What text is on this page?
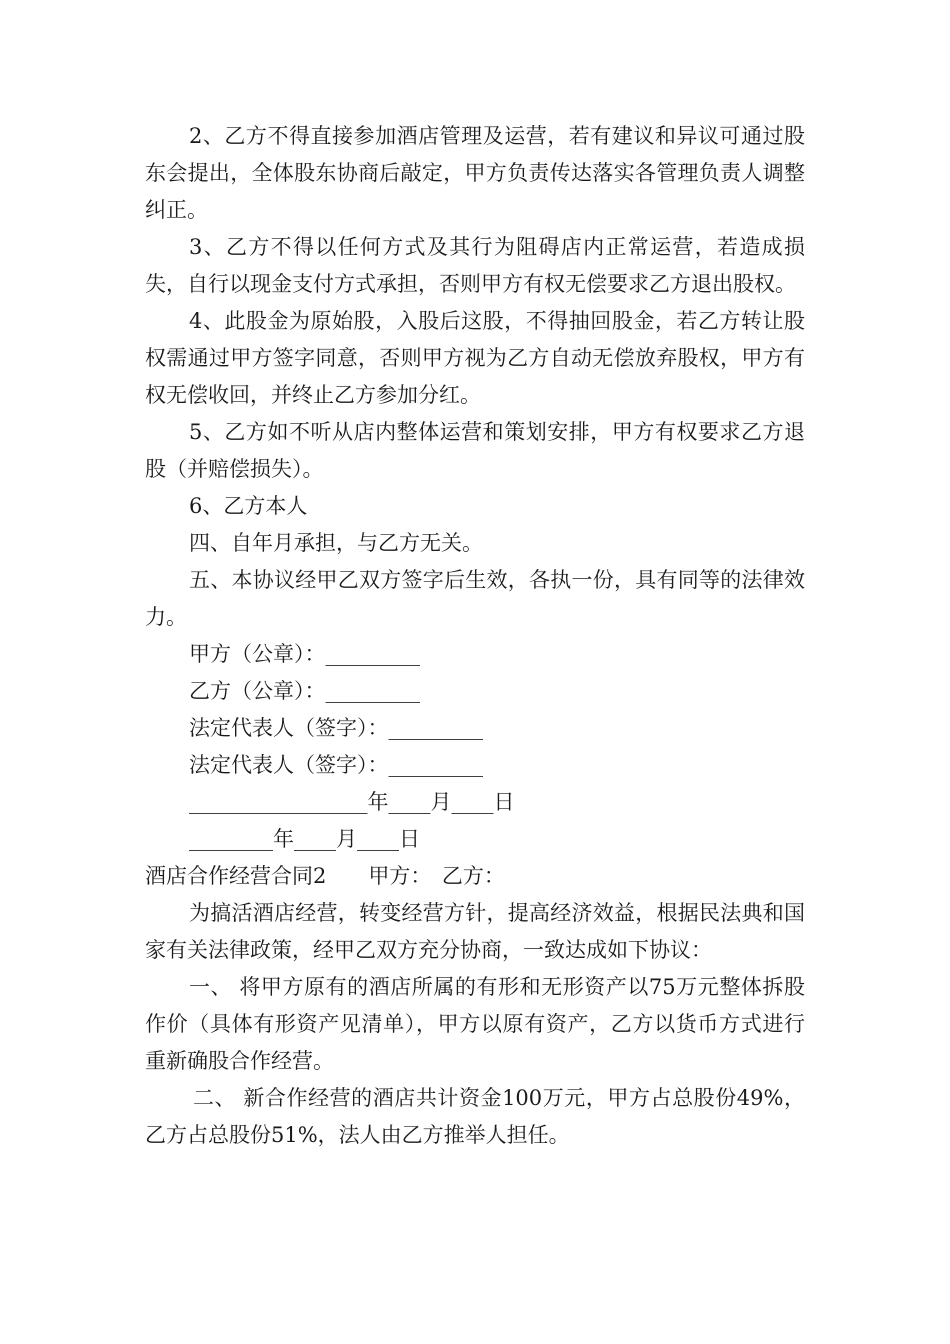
2、乙方不得直接参加酒店管理及运营，若有建议和异议可通过股东会提出，全体股东协商后敲定，甲方负责传达落实各管理负责人调整纠正。

3、乙方不得以任何方式及其行为阻碍店内正常运营，若造成损失，自行以现金支付方式承担，否则甲方有权无偿要求乙方退出股权。

4、此股金为原始股，入股后这股，不得抽回股金，若乙方转让股权需通过甲方签字同意，否则甲方视为乙方自动无偿放弃股权，甲方有权无偿收回，并终止乙方参加分红。

5、乙方如不听从店内整体运营和策划安排，甲方有权要求乙方退股（并赔偿损失）。

6、乙方本人

四、自年月承担，与乙方无关。

五、本协议经甲乙双方签字后生效，各执一份，具有同等的法律效力。

甲方（公章）：_________

乙方（公章）：_________

法定代表人（签字）：_________

法定代表人（签字）：_________

_________________年____月____日

________年____月____日

酒店合作经营合同2　　甲方：　乙方：

为搞活酒店经营，转变经营方针，提高经济效益，根据民法典和国家有关法律政策，经甲乙双方充分协商，一致达成如下协议：

一、 将甲方原有的酒店所属的有形和无形资产以75万元整体拆股作价（具体有形资产见清单），甲方以原有资产，乙方以货币方式进行重新确股合作经营。

二、 新合作经营的酒店共计资金100万元，甲方占总股份49%，乙方占总股份51%，法人由乙方推举人担任。
